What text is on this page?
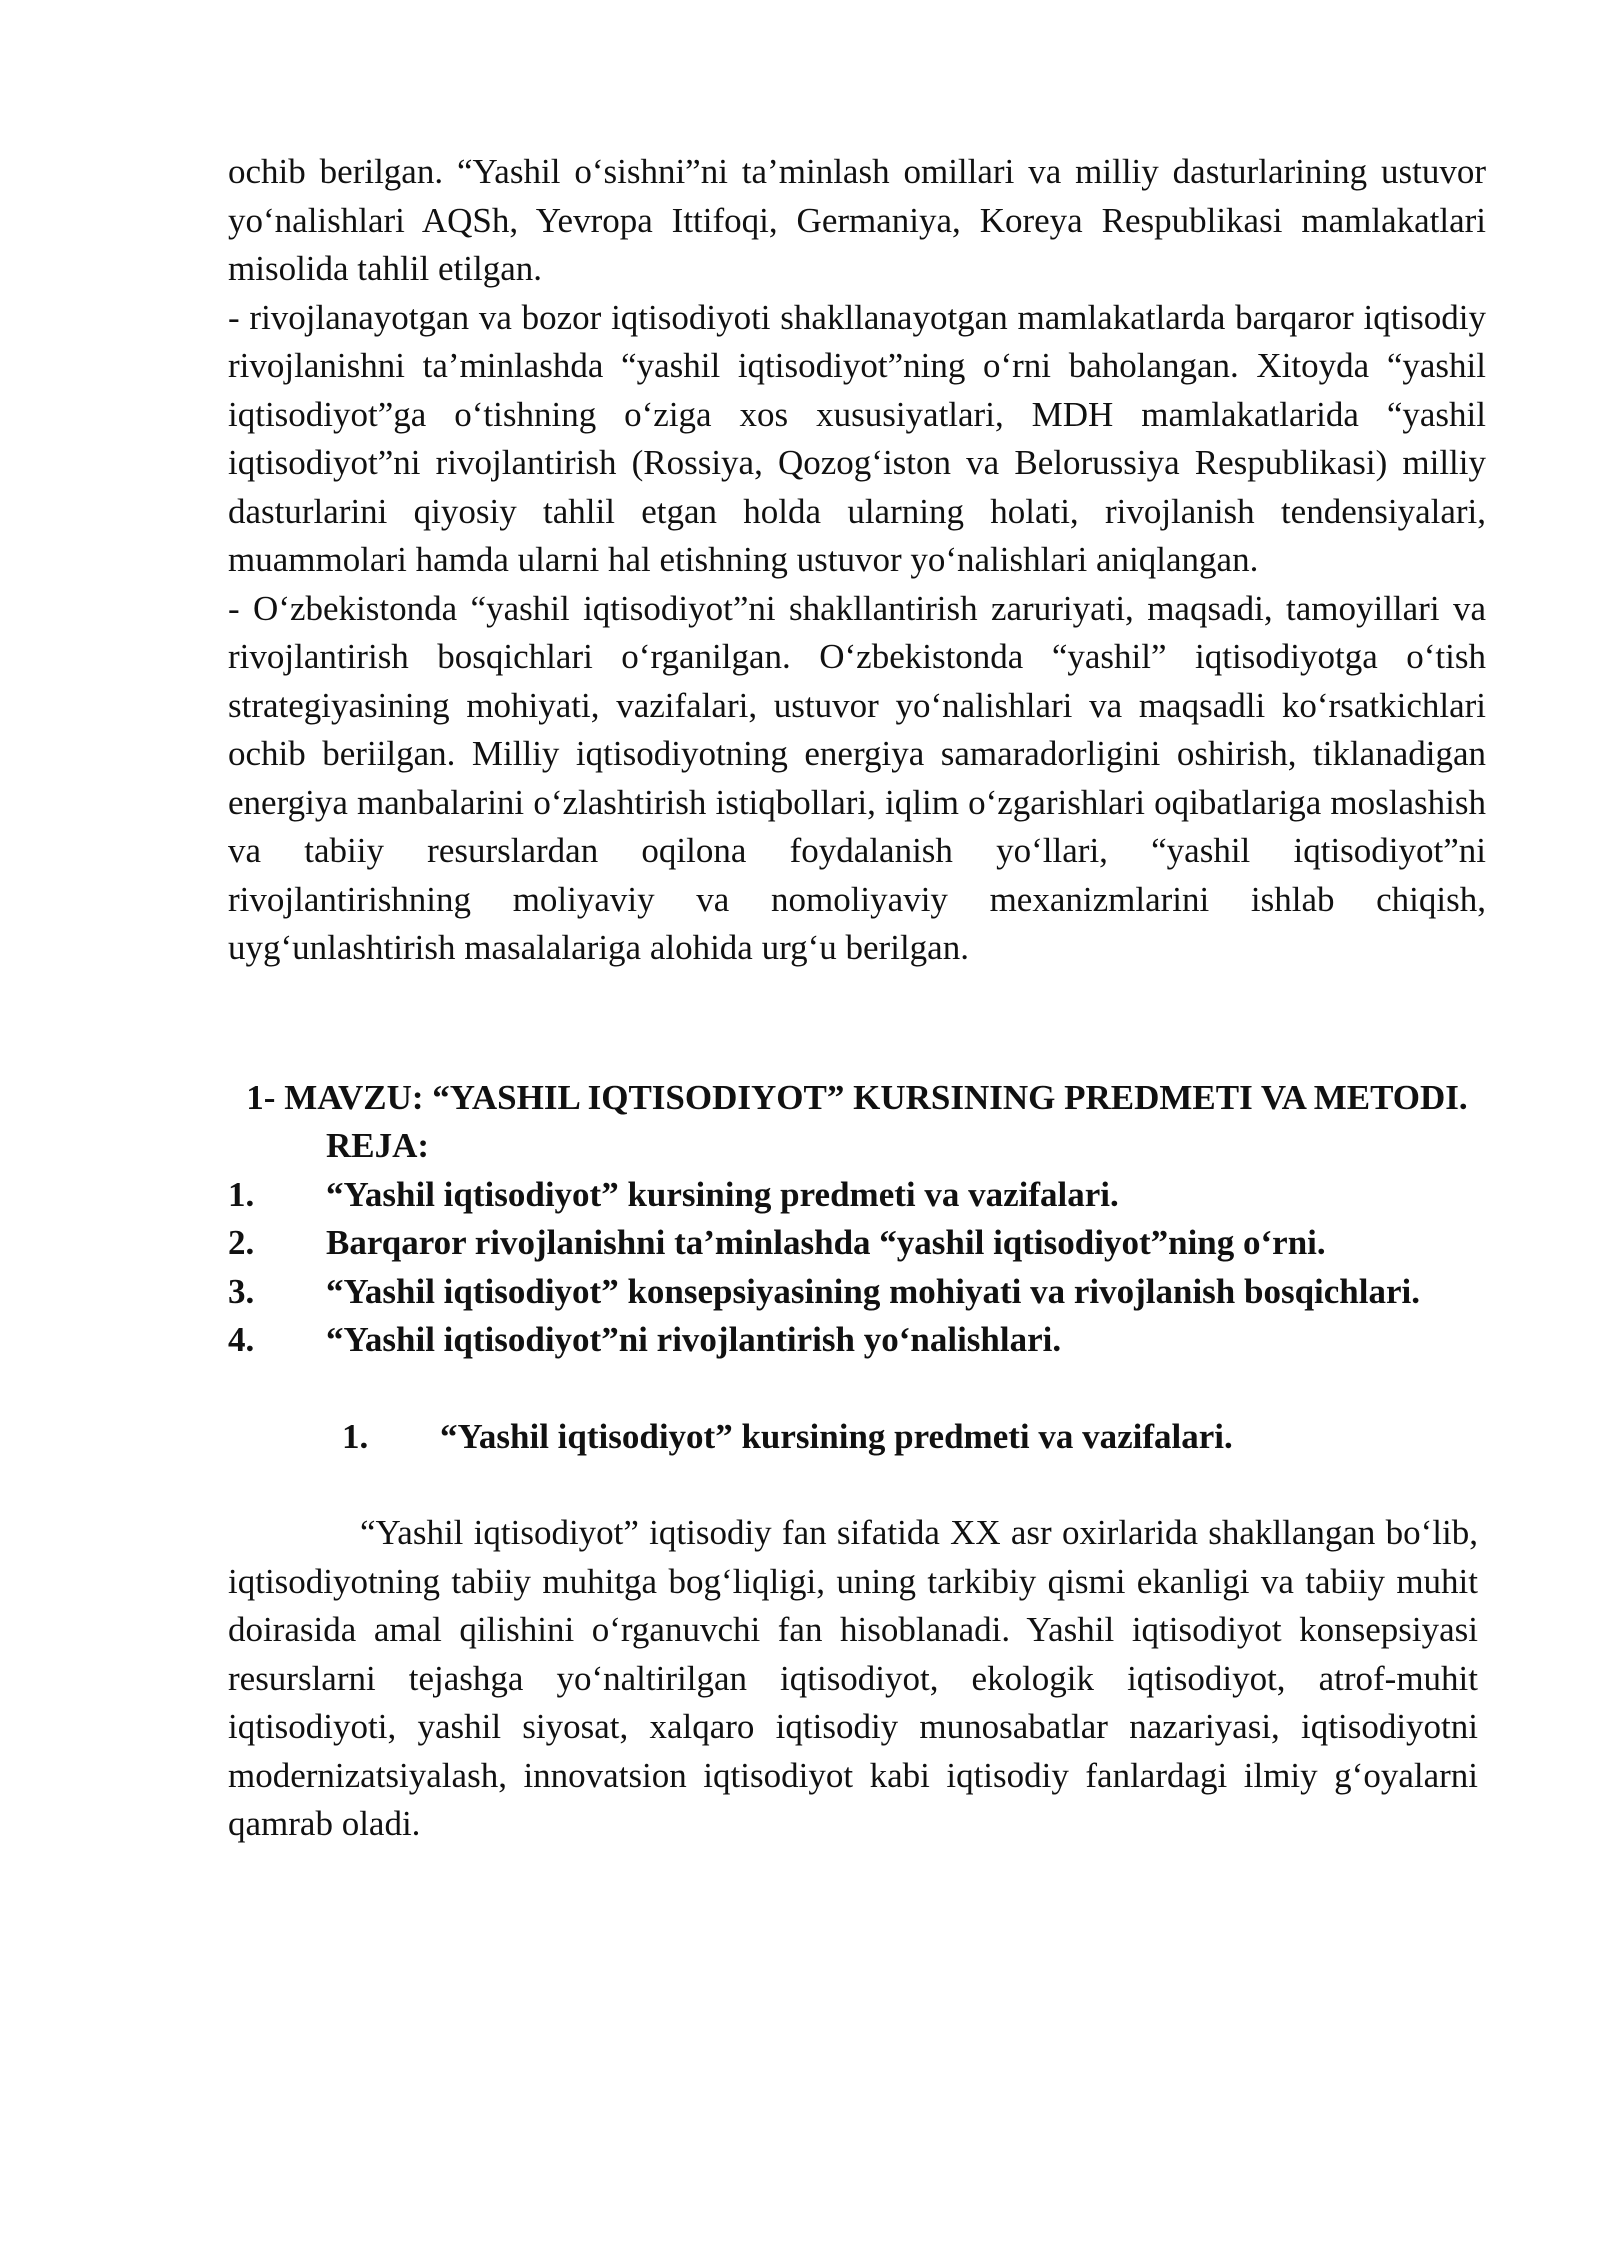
ochib berilgan. “Yashil o‘sishni”ni ta’minlash omillari va milliy dasturlarining ustuvor yo‘nalishlari AQSh, Yevropa Ittifoqi, Germaniya, Koreya Respublikasi mamlakatlari misolida tahlil etilgan.

- rivojlanayotgan va bozor iqtisodiyoti shakllanayotgan mamlakatlarda barqaror iqtisodiy rivojlanishni ta’minlashda “yashil iqtisodiyot”ning o‘rni baholangan. Xitoyda “yashil iqtisodiyot”ga o‘tishning o‘ziga xos xususiyatlari, MDH mamlakatlarida “yashil iqtisodiyot”ni rivojlantirish (Rossiya, Qozog‘iston va Belorussiya Respublikasi) milliy dasturlarini qiyosiy tahlil etgan holda ularning holati, rivojlanish tendensiyalari, muammolari hamda ularni hal etishning ustuvor yo‘nalishlari aniqlangan.

- O‘zbekistonda “yashil iqtisodiyot”ni shakllantirish zaruriyati, maqsadi, tamoyillari va rivojlantirish bosqichlari o‘rganilgan. O‘zbekistonda “yashil” iqtisodiyotga o‘tish strategiyasining mohiyati, vazifalari, ustuvor yo‘nalishlari va maqsadli ko‘rsatkichlari ochib beriilgan. Milliy iqtisodiyotning energiya samaradorligini oshirish, tiklanadigan energiya manbalarini o‘zlashtirish istiqbollari, iqlim o‘zgarishlari oqibatlariga moslashish va tabiiy resurslardan oqilona foydalanish yo‘llari, “yashil iqtisodiyot”ni rivojlantirishning moliyaviy va nomoliyaviy mexanizmlarini ishlab chiqish, uyg‘unlashtirish masalalariga alohida urg‘u berilgan.

1- MAVZU: “YASHIL IQTISODIYOT” KURSINING PREDMETI VA METODI.
REJA:
1.	“Yashil iqtisodiyot” kursining predmeti va vazifalari.
2.	Barqaror rivojlanishni ta’minlashda “yashil iqtisodiyot”ning o‘rni.
3. “Yashil iqtisodiyot” konsepsiyasining mohiyati va rivojlanish bosqichlari.
4.	“Yashil iqtisodiyot”ni rivojlantirish yo‘nalishlari.
1.	“Yashil iqtisodiyot” kursining predmeti va vazifalari.

“Yashil iqtisodiyot” iqtisodiy fan sifatida XX asr oxirlarida shakllangan bo‘lib, iqtisodiyotning tabiiy muhitga bog‘liqligi, uning tarkibiy qismi ekanligi va tabiiy muhit doirasida amal qilishini o‘rganuvchi fan hisoblanadi. Yashil iqtisodiyot konsepsiyasi resurslarni tejashga yo‘naltirilgan iqtisodiyot, ekologik iqtisodiyot, atrof-muhit iqtisodiyoti, yashil siyosat, xalqaro iqtisodiy munosabatlar nazariyasi, iqtisodiyotni modernizatsiyalash, innovatsion iqtisodiyot kabi iqtisodiy fanlardagi ilmiy g‘oyalarni qamrab oladi.
